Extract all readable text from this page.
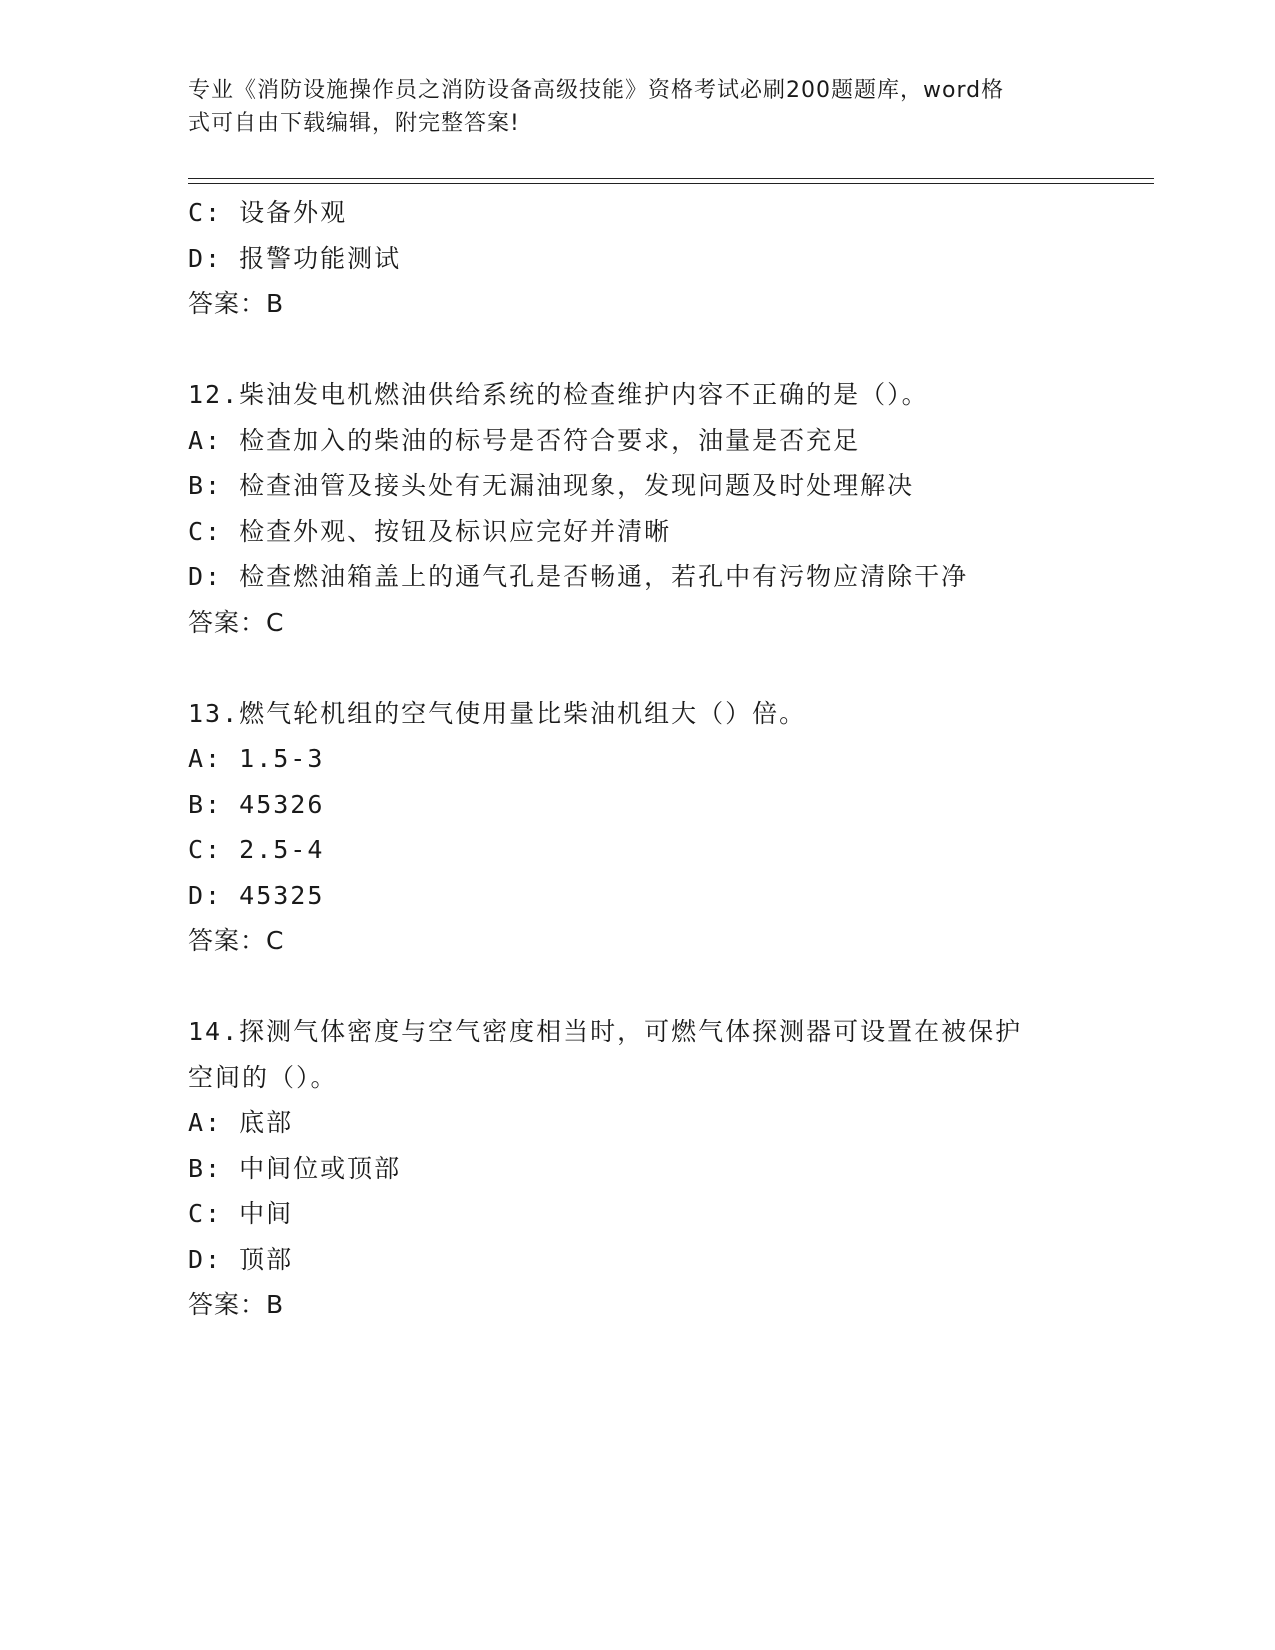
专业《消防设施操作员之消防设备高级技能》资格考试必刷200题题库，word格
式可自由下载编辑，附完整答案!
C: 设备外观
D: 报警功能测试
答案：B
12.柴油发电机燃油供给系统的检查维护内容不正确的是（）。
A: 检查加入的柴油的标号是否符合要求，油量是否充足
B: 检查油管及接头处有无漏油现象，发现问题及时处理解决
C: 检查外观、按钮及标识应完好并清晰
D: 检查燃油箱盖上的通气孔是否畅通，若孔中有污物应清除干净
答案：C
13.燃气轮机组的空气使用量比柴油机组大（）倍。
A: 1.5-3
B: 45326
C: 2.5-4
D: 45325
答案：C
14.探测气体密度与空气密度相当时，可燃气体探测器可设置在被保护
空间的（）。
A: 底部
B: 中间位或顶部
C: 中间
D: 顶部
答案：B
